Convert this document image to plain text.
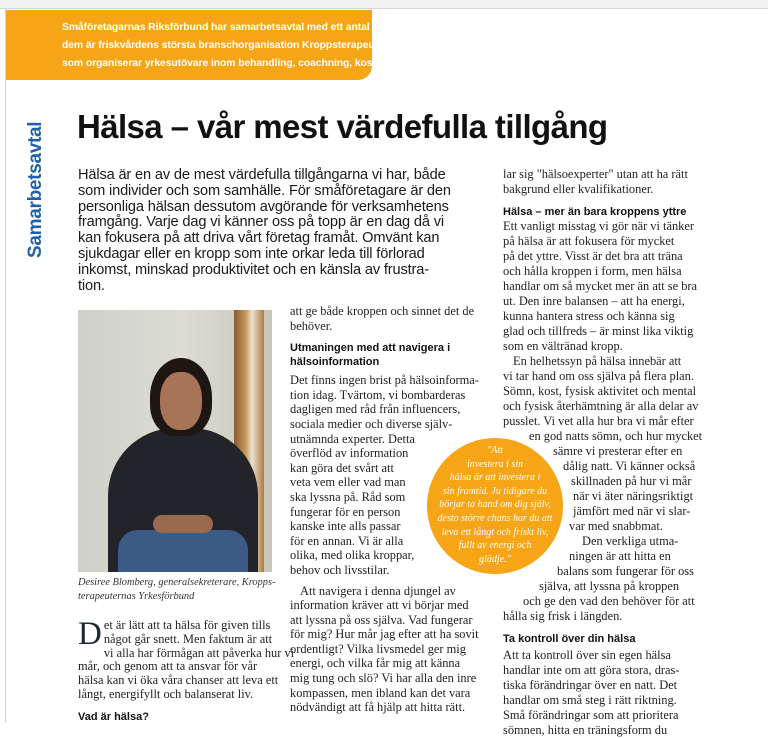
Småföretagarnas Riksförbund har samarbetsavtal med ett antal organisationer. En av
dem är friskvårdens största branschorganisation Kroppsterapeuternas Yrkesförbund,
som organiserar yrkesutövare inom behandling, coachning, kost och träning.
Samarbetsavtal Hälsa – vår mest värdefulla tillgång
Hälsa är en av de mest värdefulla tillgångarna vi har, både
som individer och som samhälle. För småföretagare är den
personliga hälsan dessutom avgörande för verksamhetens
framgång. Varje dag vi känner oss på topp är en dag då vi
kan fokusera på att driva vårt företag framåt. Omvänt kan
sjukdagar eller en kropp som inte orkar leda till förlorad
inkomst, minskad produktivitet och en känsla av frustra-
tion.
Desiree Blomberg, generalsekreterare, Kropps-
terapeuternas Yrkesförbund
D et är lätt att ta hälsa för given tills
något går snett. Men faktum är att
vi alla har förmågan att påverka hur vi
mår, och genom att ta ansvar för vår
hälsa kan vi öka våra chanser att leva ett
långt, energifyllt och balanserat liv.
Vad är hälsa?
att ge både kroppen och sinnet det de
behöver.
Utmaningen med att navigera i
hälsoinformation
Det finns ingen brist på hälsoinforma-
tion idag. Tvärtom, vi bombarderas
dagligen med råd från influencers,
sociala medier och diverse själv-
utnämnda experter. Detta
överflöd av information
kan göra det svårt att
veta vem eller vad man
ska lyssna på. Råd som
fungerar för en person
kanske inte alls passar
för en annan. Vi är alla
olika, med olika kroppar,
behov och livsstilar.
Att navigera i denna djungel av
information kräver att vi börjar med
att lyssna på oss själva. Vad fungerar
för mig? Hur mår jag efter att ha sovit
ordentligt? Vilka livsmedel ger mig
energi, och vilka får mig att känna
mig tung och slö? Vi har alla den inre
kompassen, men ibland kan det vara
nödvändigt att få hjälp att hitta rätt.
lar sig "hälsoexperter" utan att ha rätt
bakgrund eller kvalifikationer.
Hälsa – mer än bara kroppens yttre
Ett vanligt misstag vi gör när vi tänker
på hälsa är att fokusera för mycket
på det yttre. Visst är det bra att träna
och hålla kroppen i form, men hälsa
handlar om så mycket mer än att se bra
ut. Den inre balansen – att ha energi,
kunna hantera stress och känna sig
glad och tillfreds – är minst lika viktig
som en vältränad kropp.
En helhetssyn på hälsa innebär att
vi tar hand om oss själva på flera plan.
Sömn, kost, fysisk aktivitet och mental
och fysisk återhämtning är alla delar av
pusslet. Vi vet alla hur bra vi mår efter
en god natts sömn, och hur mycket
sämre vi presterar efter en
dålig natt. Vi känner också
skillnaden på hur vi mår
när vi äter näringsriktigt
jämfört med när vi slar-
var med snabbmat.
Den verkliga utma-
ningen är att hitta en
balans som fungerar för oss
själva, att lyssna på kroppen
och ge den vad den behöver för att
hålla sig frisk i längden.
Ta kontroll över din hälsa
Att ta kontroll över sin egen hälsa
handlar inte om att göra stora, dras-
tiska förändringar över en natt. Det
handlar om små steg i rätt riktning.
Små förändringar som att prioritera
sömnen, hitta en träningsform du
"Att
investera i sin
hälsa är att investera i
sin framtid. Ju tidigare du
börjar ta hand om dig själv,
desto större chans har du att
leva ett långt och friskt liv,
fullt av energi och
glädje."
